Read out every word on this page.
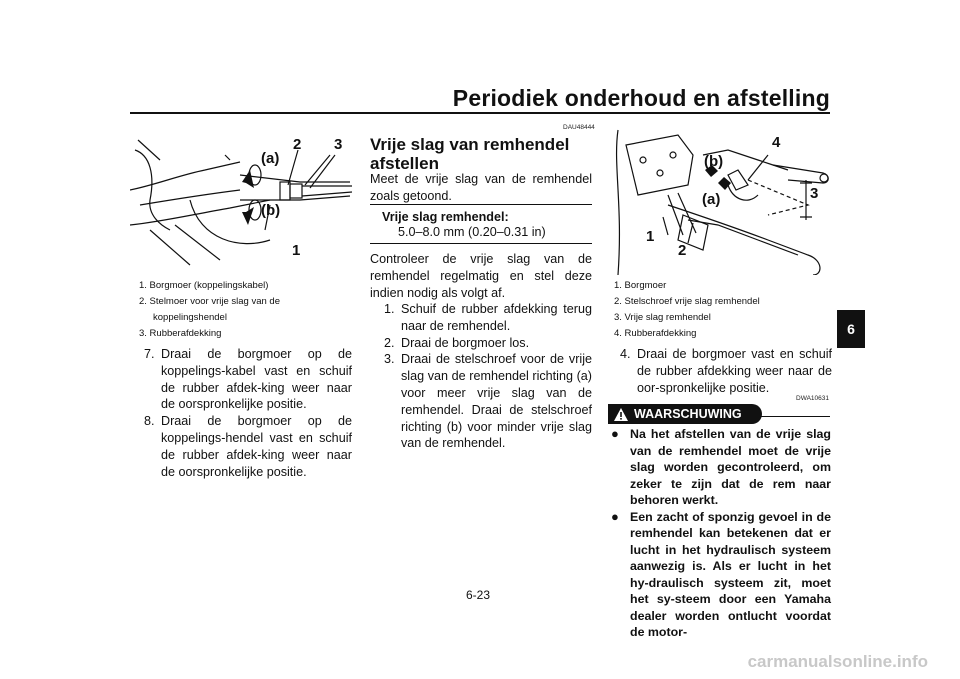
Periodiek onderhoud en afstelling
6
(a)
2 3
(b)
1
1. Borgmoer (koppelingskabel)
2. Stelmoer voor vrije slag van de
koppelingshendel
3. Rubberafdekking
7. Draai de borgmoer op de koppelings-kabel vast en schuif de rubber afdek-king weer naar de oorspronkelijke positie.
8. Draai de borgmoer op de koppelings-hendel vast en schuif de rubber afdek-king weer naar de oorspronkelijke positie.
DAU48444
Vrije slag van remhendel
afstellen
Meet de vrije slag van de remhendel zoals getoond.
Vrije slag remhendel:
5.0–8.0 mm (0.20–0.31 in)
Controleer de vrije slag van de remhendel regelmatig en stel deze indien nodig als volgt af.
1. Schuif de rubber afdekking terug naar de remhendel.
2. Draai de borgmoer los.
3. Draai de stelschroef voor de vrije slag van de remhendel richting (a) voor meer vrije slag van de remhendel. Draai de stelschroef richting (b) voor minder vrije slag van de remhendel.
(b)
4
(a)	3
1
2
1. Borgmoer
2. Stelschroef vrije slag remhendel
3. Vrije slag remhendel
4. Rubberafdekking
4. Draai de borgmoer vast en schuif de rubber afdekking weer naar de oor-spronkelijke positie.
DWA10631
WAARSCHUWING
● Na het afstellen van de vrije slag van de remhendel moet de vrije slag worden gecontroleerd, om zeker te zijn dat de rem naar behoren werkt.
● Een zacht of sponzig gevoel in de remhendel kan betekenen dat er lucht in het hydraulisch systeem aanwezig is. Als er lucht in het hy-draulisch systeem zit, moet het sy-steem door een Yamaha dealer worden ontlucht voordat de motor-
6-23
carmanualsonline.info
